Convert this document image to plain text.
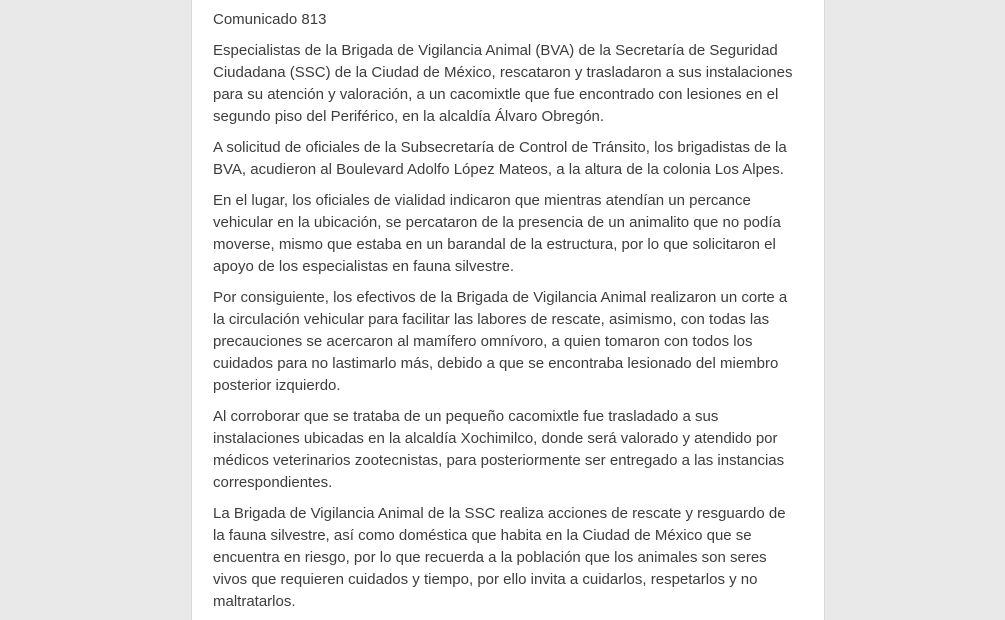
Comunicado 813

Especialistas de la Brigada de Vigilancia Animal (BVA) de la Secretaría de Seguridad Ciudadana (SSC) de la Ciudad de México, rescataron y trasladaron a sus instalaciones para su atención y valoración, a un cacomixtle que fue encontrado con lesiones en el segundo piso del Periférico, en la alcaldía Álvaro Obregón.

A solicitud de oficiales de la Subsecretaría de Control de Tránsito, los brigadistas de la BVA, acudieron al Boulevard Adolfo López Mateos, a la altura de la colonia Los Alpes.

En el lugar, los oficiales de vialidad indicaron que mientras atendían un percance vehicular en la ubicación, se percataron de la presencia de un animalito que no podía moverse, mismo que estaba en un barandal de la estructura, por lo que solicitaron el apoyo de los especialistas en fauna silvestre.

Por consiguiente, los efectivos de la Brigada de Vigilancia Animal realizaron un corte a la circulación vehicular para facilitar las labores de rescate, asimismo, con todas las precauciones se acercaron al mamífero omnívoro, a quien tomaron con todos los cuidados para no lastimarlo más, debido a que se encontraba lesionado del miembro posterior izquierdo.

Al corroborar que se trataba de un pequeño cacomixtle fue trasladado a sus instalaciones ubicadas en la alcaldía Xochimilco, donde será valorado y atendido por médicos veterinarios zootecnistas, para posteriormente ser entregado a las instancias correspondientes.

La Brigada de Vigilancia Animal de la SSC realiza acciones de rescate y resguardo de la fauna silvestre, así como doméstica que habita en la Ciudad de México que se encuentra en riesgo, por lo que recuerda a la población que los animales son seres vivos que requieren cuidados y tiempo, por ello invita a cuidarlos, respetarlos y no maltratarlos.
